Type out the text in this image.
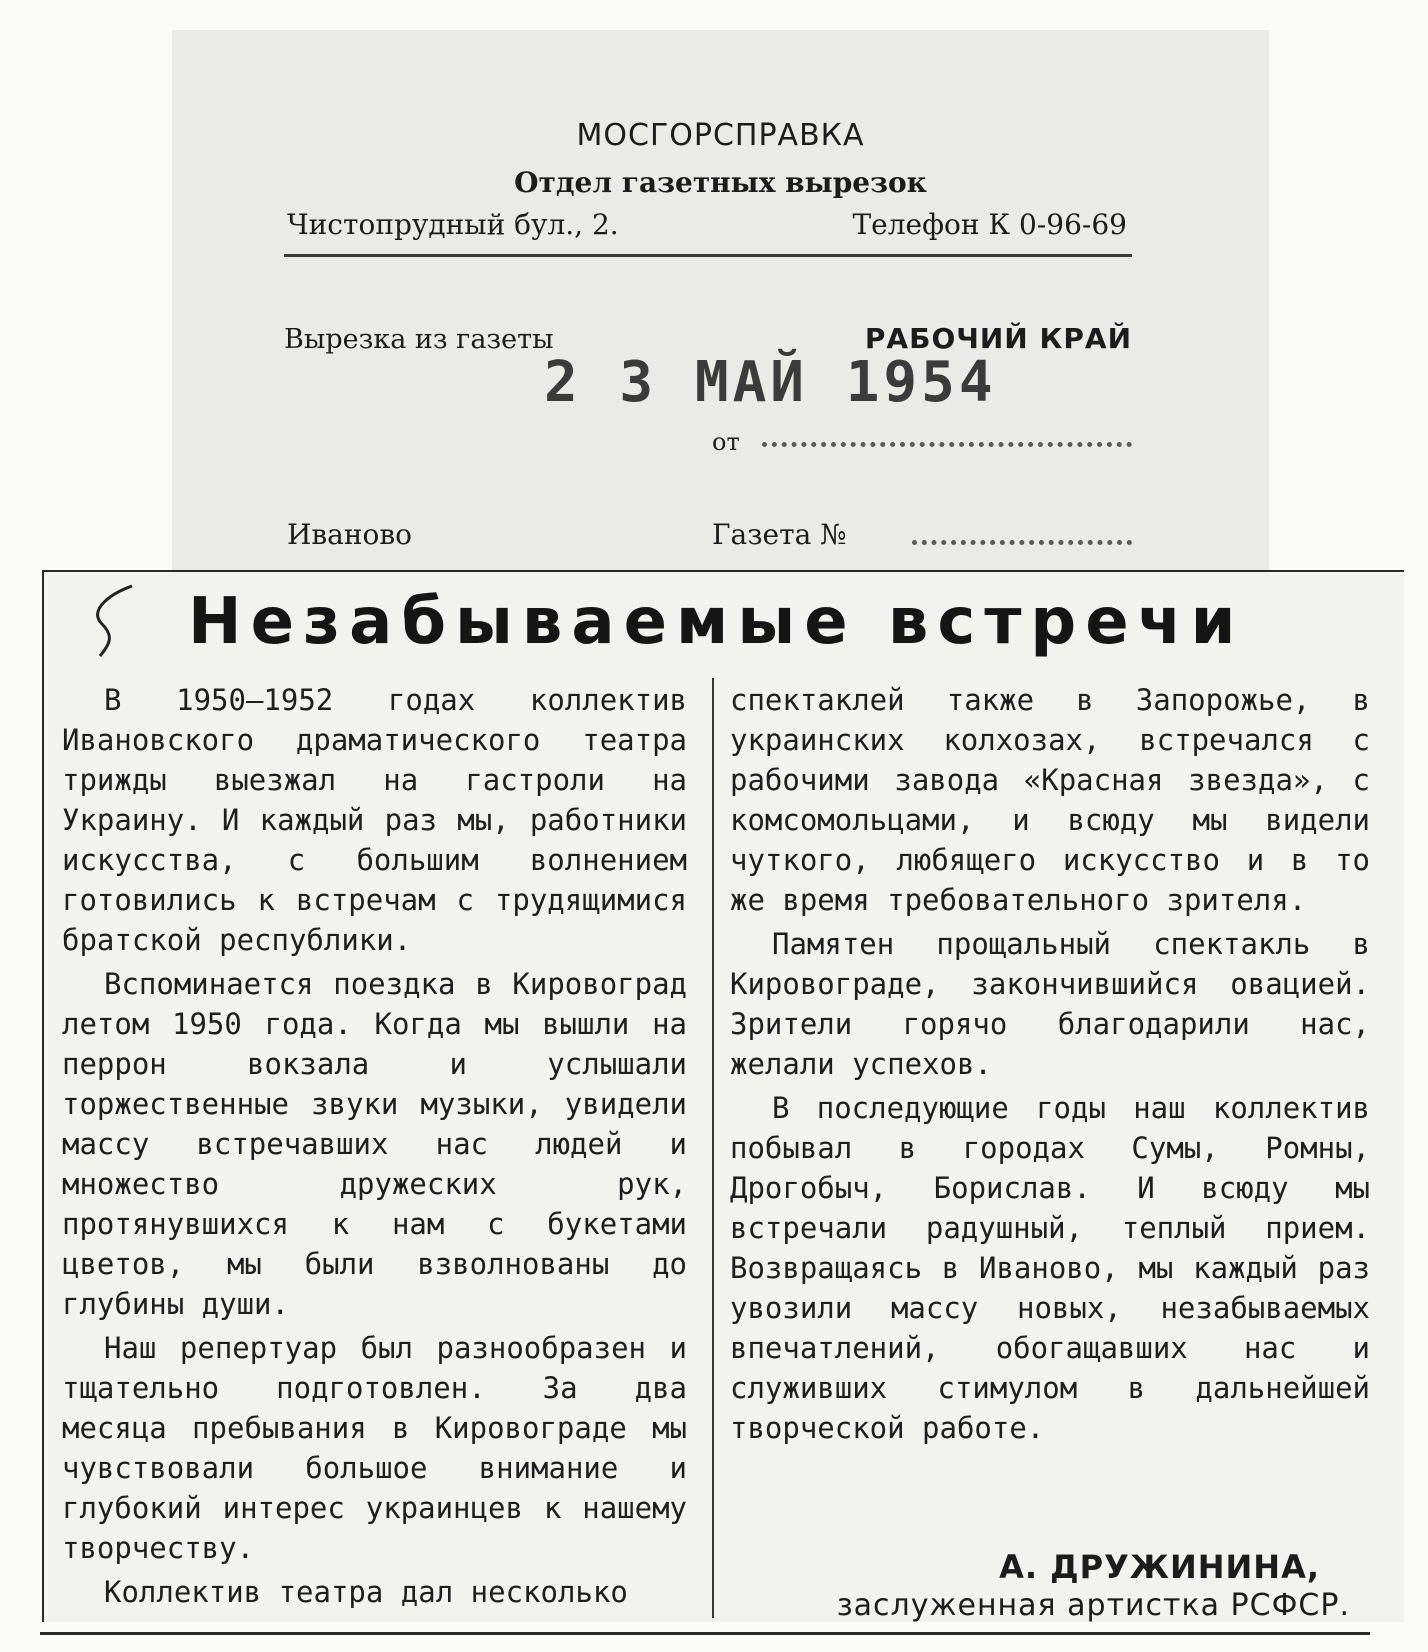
МОСГОРСПРАВКА
Отдел газетных вырезок
Чистопрудный бул., 2.	Телефон К 0-96-69
Вырезка из газеты	РАБОЧИЙ КРАЙ
2 3 МАЙ 1954
от
Иваново	Газета №
Незабываемые встречи

В 1950—1952 годах коллектив Ивановского драматического театра трижды выезжал на гастроли на Украину. И каждый раз мы, работники искусства, с большим волнением готовились к встречам с трудящимися братской республики.

Вспоминается поездка в Кировоград летом 1950 года. Когда мы вышли на перрон вокзала и услышали торжественные звуки музыки, увидели массу встречавших нас людей и множество дружеских рук, протянувшихся к нам с букетами цветов, мы были взволнованы до глубины души.

Наш репертуар был разнообразен и тщательно подготовлен. За два месяца пребывания в Кировограде мы чувствовали большое внимание и глубокий интерес украинцев к нашему творчеству.

Коллектив театра дал несколько

спектаклей также в Запорожье, в украинских колхозах, встречался с рабочими завода «Красная звезда», с комсомольцами, и всюду мы видели чуткого, любящего искусство и в то же время требовательного зрителя.

Памятен прощальный спектакль в Кировограде, закончившийся овацией. Зрители горячо благодарили нас, желали успехов.

В последующие годы наш коллектив побывал в городах Сумы, Ромны, Дрогобыч, Борислав. И всюду мы встречали радушный, теплый прием. Возвращаясь в Иваново, мы каждый раз увозили массу новых, незабываемых впечатлений, обогащавших нас и служивших стимулом в дальнейшей творческой работе.

А. ДРУЖИНИНА,
заслуженная артистка РСФСР.
